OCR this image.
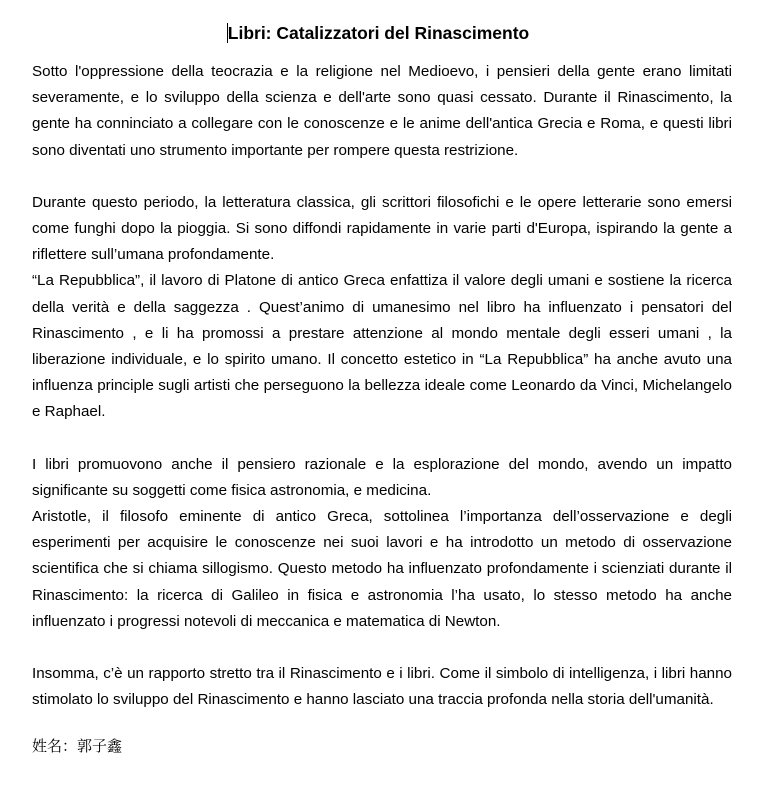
Libri: Catalizzatori del Rinascimento

Sotto l'oppressione della teocrazia e la religione nel Medioevo, i pensieri della gente erano limitati severamente, e lo sviluppo della scienza e dell'arte sono quasi cessato. Durante il Rinascimento, la gente ha conninciato a collegare con le conoscenze e le anime dell'antica Grecia e Roma, e questi libri sono diventati uno strumento importante per rompere questa restrizione.

Durante questo periodo, la letteratura classica, gli scrittori filosofichi e le opere letterarie sono emersi come funghi dopo la pioggia. Si sono diffondi rapidamente in varie parti d'Europa, ispirando la gente a riflettere sull’umana profondamente.

“La Repubblica”, il lavoro di Platone di antico Greca enfattiza il valore degli umani e sostiene la ricerca della verità e della saggezza . Quest’animo di umanesimo nel libro ha influenzato i pensatori del Rinascimento , e li ha promossi a prestare attenzione al mondo mentale degli esseri umani , la liberazione individuale, e lo spirito umano. Il concetto estetico in “La Repubblica” ha anche avuto una influenza principle sugli artisti che perseguono la bellezza ideale come Leonardo da Vinci, Michelangelo e Raphael.

I libri promuovono anche il pensiero razionale e la esplorazione del mondo, avendo un impatto significante su soggetti come fisica astronomia, e medicina.

Aristotle, il filosofo eminente di antico Greca, sottolinea l’importanza dell’osservazione e degli esperimenti per acquisire le conoscenze nei suoi lavori e ha introdotto un metodo di osservazione scientifica che si chiama sillogismo. Questo metodo ha influenzato profondamente i scienziati durante il Rinascimento: la ricerca di Galileo in fisica e astronomia l’ha usato, lo stesso metodo ha anche influenzato i progressi notevoli di meccanica e matematica di Newton.

Insomma, c’è un rapporto stretto tra il Rinascimento e i libri. Come il simbolo di intelligenza, i libri hanno stimolato lo sviluppo del Rinascimento e hanno lasciato una traccia profonda nella storia dell'umanità.

姓名：郭子鑫
